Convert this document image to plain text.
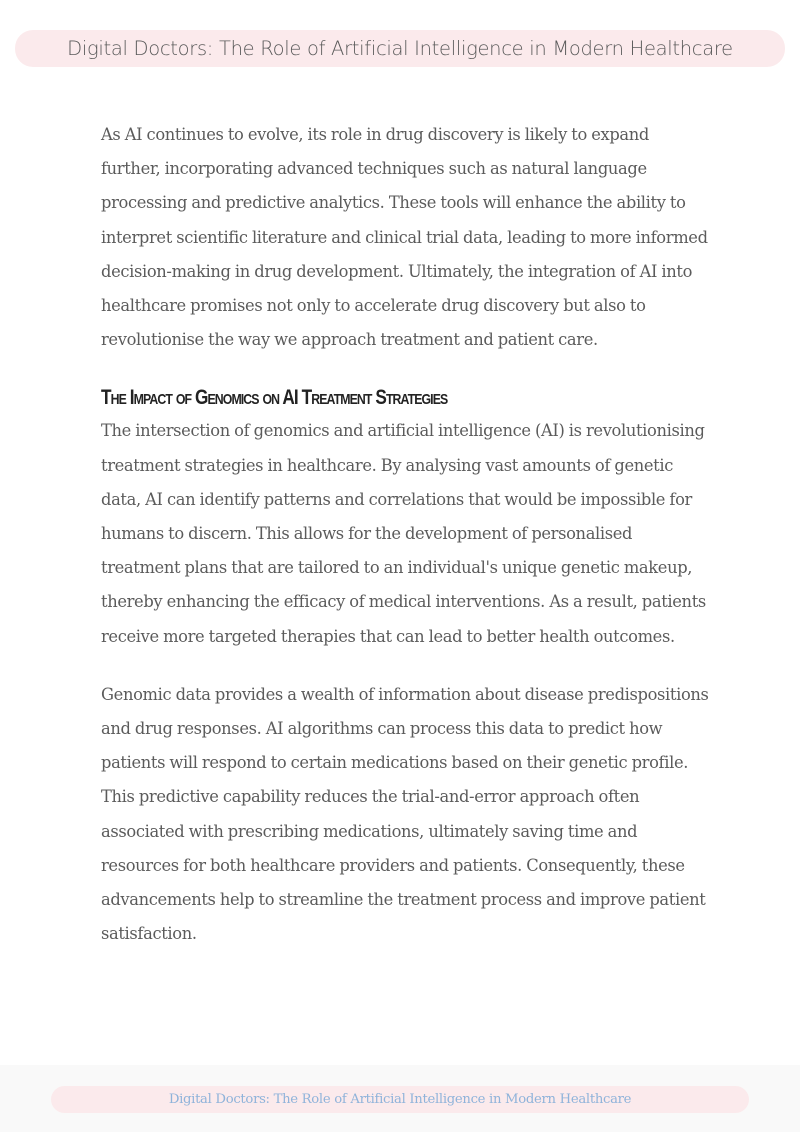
Digital Doctors: The Role of Artificial Intelligence in Modern Healthcare

As AI continues to evolve, its role in drug discovery is likely to expand further, incorporating advanced techniques such as natural language processing and predictive analytics. These tools will enhance the ability to interpret scientific literature and clinical trial data, leading to more informed decision-making in drug development. Ultimately, the integration of AI into healthcare promises not only to accelerate drug discovery but also to revolutionise the way we approach treatment and patient care.

The Impact of Genomics on AI Treatment Strategies

The intersection of genomics and artificial intelligence (AI) is revolutionising treatment strategies in healthcare. By analysing vast amounts of genetic data, AI can identify patterns and correlations that would be impossible for humans to discern. This allows for the development of personalised treatment plans that are tailored to an individual's unique genetic makeup, thereby enhancing the efficacy of medical interventions. As a result, patients receive more targeted therapies that can lead to better health outcomes.

Genomic data provides a wealth of information about disease predispositions and drug responses. AI algorithms can process this data to predict how patients will respond to certain medications based on their genetic profile. This predictive capability reduces the trial-and-error approach often associated with prescribing medications, ultimately saving time and resources for both healthcare providers and patients. Consequently, these advancements help to streamline the treatment process and improve patient satisfaction.

Digital Doctors: The Role of Artificial Intelligence in Modern Healthcare
